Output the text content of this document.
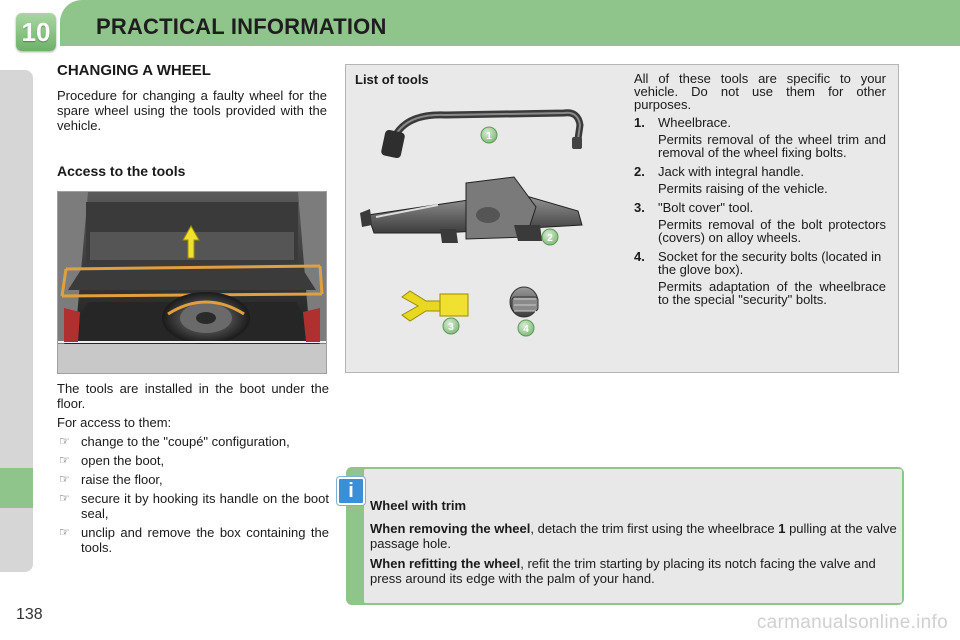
10 PRACTICAL INFORMATION
138
CHANGING A WHEEL
Procedure for changing a faulty wheel for the spare wheel using the tools provided with the vehicle.
Access to the tools

The tools are installed in the boot under the floor.

For access to them:

☞ change to the "coupé" configuration,
☞ open the boot,
☞ raise the floor,
☞ secure it by hooking its handle on the boot seal,
☞ unclip and remove the box containing the tools.
List of tools
1
2
3	4

All of these tools are specific to your vehicle. Do not use them for other purposes.

1. Wheelbrace.
Permits removal of the wheel trim and removal of the wheel fixing bolts.
2. Jack with integral handle.
Permits raising of the vehicle.
3. "Bolt cover" tool.
Permits removal of the bolt protectors (covers) on alloy wheels.
4. Socket for the security bolts (located in the glove box).
Permits adaptation of the wheelbrace to the special "security" bolts.
i

Wheel with trim

When removing the wheel, detach the trim first using the wheelbrace 1 pulling at the valve passage hole.

When refitting the wheel, refit the trim starting by placing its notch facing the valve and press around its edge with the palm of your hand.

carmanualsonline.info
